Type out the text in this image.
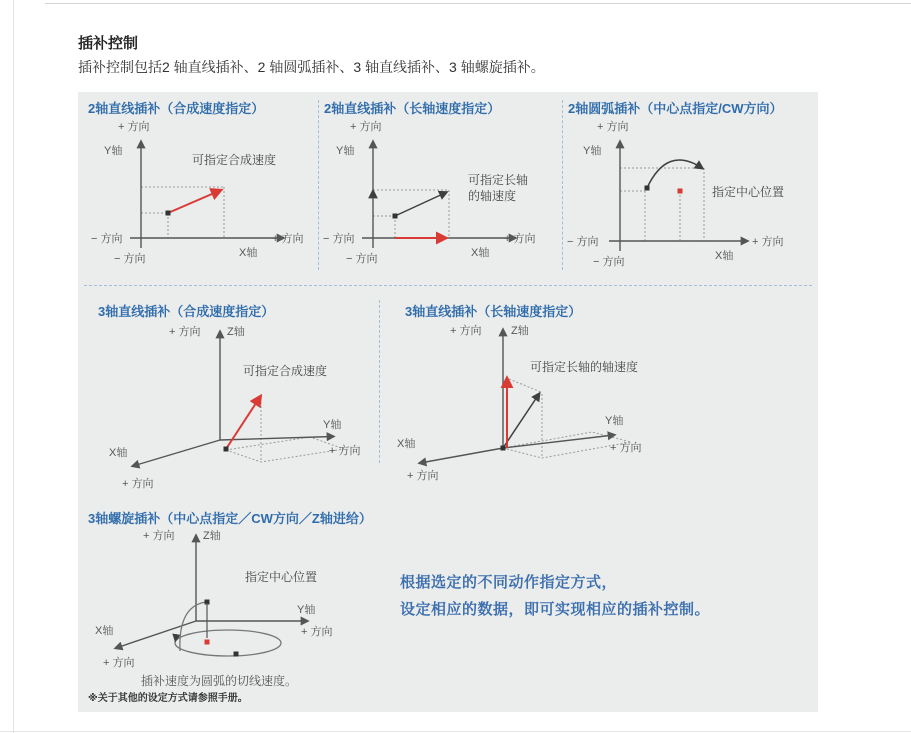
插补控制
插补控制包括2 轴直线插补、2 轴圆弧插补、3 轴直线插补、3 轴螺旋插补。
2轴直线插补（合成速度指定）	2轴直线插补（长轴速度指定）	2轴圆弧插补（中心点指定/CW方向）
3轴直线插补（合成速度指定）	3轴直线插补（长轴速度指定）
3轴螺旋插补（中心点指定／CW方向／Z轴进给）
+ 方向
Y轴
可指定合成速度
− 方向
− 方向	X轴
+ 方向
+ 方向
Y轴
可指定长轴
的轴速度
− 方向
− 方向	X轴
+ 方向
+ 方向
Y轴
指定中心位置
− 方向
− 方向	X轴
+ 方向
+ 方向 Z轴
可指定合成速度
Y轴
+ 方向
X轴
+ 方向
+ 方向	Z轴
可指定长轴的轴速度
Y轴
+ 方向
X轴
+ 方向
+ 方向	Z轴
指定中心位置
Y轴
+ 方向
X轴
+ 方向
插补速度为圆弧的切线速度。
根据选定的不同动作指定方式，
设定相应的数据，即可实现相应的插补控制。
※关于其他的设定方式请参照手册。
